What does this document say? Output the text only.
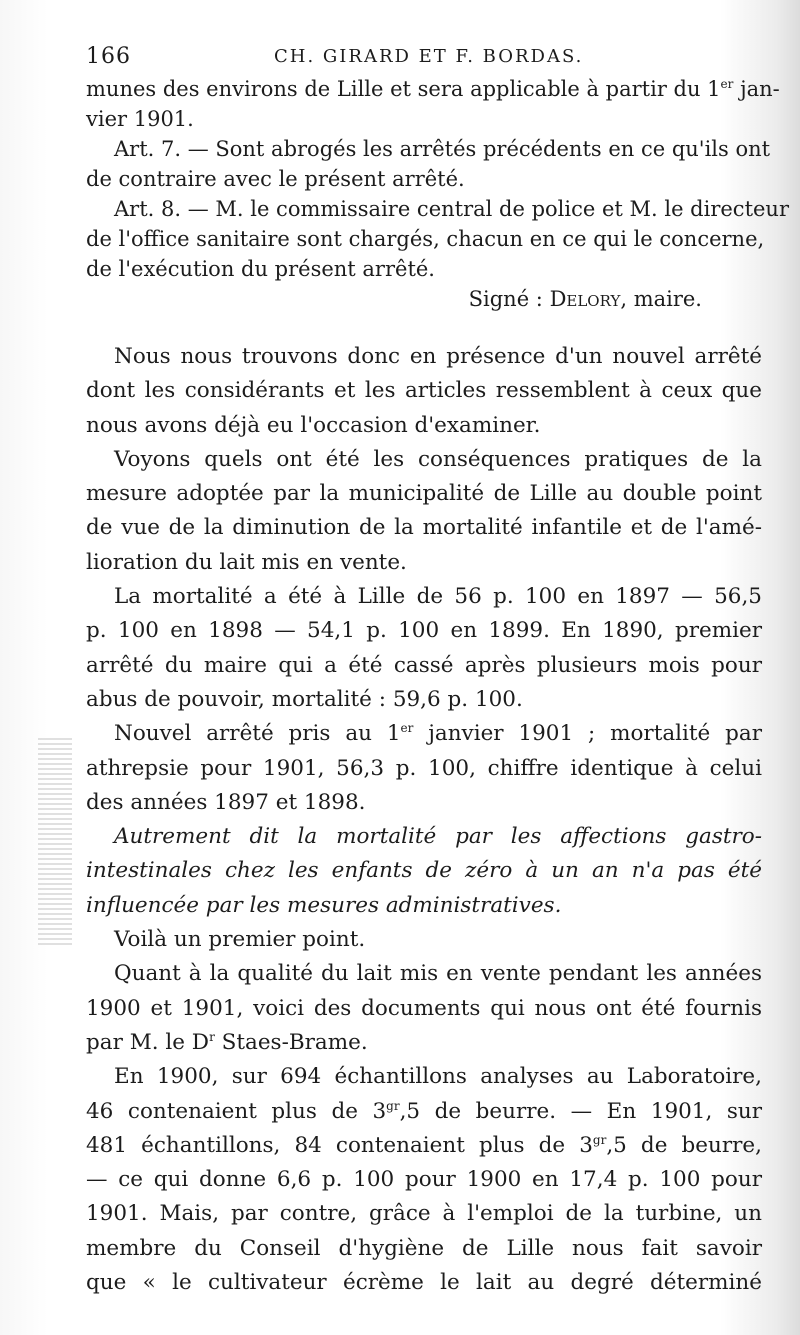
166	CH. GIRARD ET F. BORDAS.
munes des environs de Lille et sera applicable à partir du 1er jan-
vier 1901.
Art. 7. — Sont abrogés les arrêtés précédents en ce qu'ils ont
de contraire avec le présent arrêté.
Art. 8. — M. le commissaire central de police et M. le directeur
de l'office sanitaire sont chargés, chacun en ce qui le concerne,
de l'exécution du présent arrêté.
Signé : Delory, maire.
Nous nous trouvons donc en présence d'un nouvel arrêté
dont les considérants et les articles ressemblent à ceux que
nous avons déjà eu l'occasion d'examiner.
Voyons quels ont été les conséquences pratiques de la
mesure adoptée par la municipalité de Lille au double point
de vue de la diminution de la mortalité infantile et de l'amé-
lioration du lait mis en vente.
La mortalité a été à Lille de 56 p. 100 en 1897 — 56,5
p. 100 en 1898 — 54,1 p. 100 en 1899. En 1890, premier
arrêté du maire qui a été cassé après plusieurs mois pour
abus de pouvoir, mortalité : 59,6 p. 100.
Nouvel arrêté pris au 1er janvier 1901 ; mortalité par
athrepsie pour 1901, 56,3 p. 100, chiffre identique à celui
des années 1897 et 1898.
Autrement dit la mortalité par les affections gastro-
intestinales chez les enfants de zéro à un an n'a pas été
influencée par les mesures administratives.
Voilà un premier point.
Quant à la qualité du lait mis en vente pendant les années
1900 et 1901, voici des documents qui nous ont été fournis
par M. le $D^r$ Staes-Brame.
En 1900, sur 694 échantillons analyses au Laboratoire,
46 contenaient plus de $3^{gr},5$ de beurre. — En 1901, sur
481 échantillons, 84 contenaient plus de $3^{gr},5$ de beurre,
— ce qui donne 6,6 p. 100 pour 1900 en 17,4 p. 100 pour
1901. Mais, par contre, grâce à l'emploi de la turbine, un
membre du Conseil d'hygiène de Lille nous fait savoir
que « le cultivateur écrème le lait au degré déterminé
